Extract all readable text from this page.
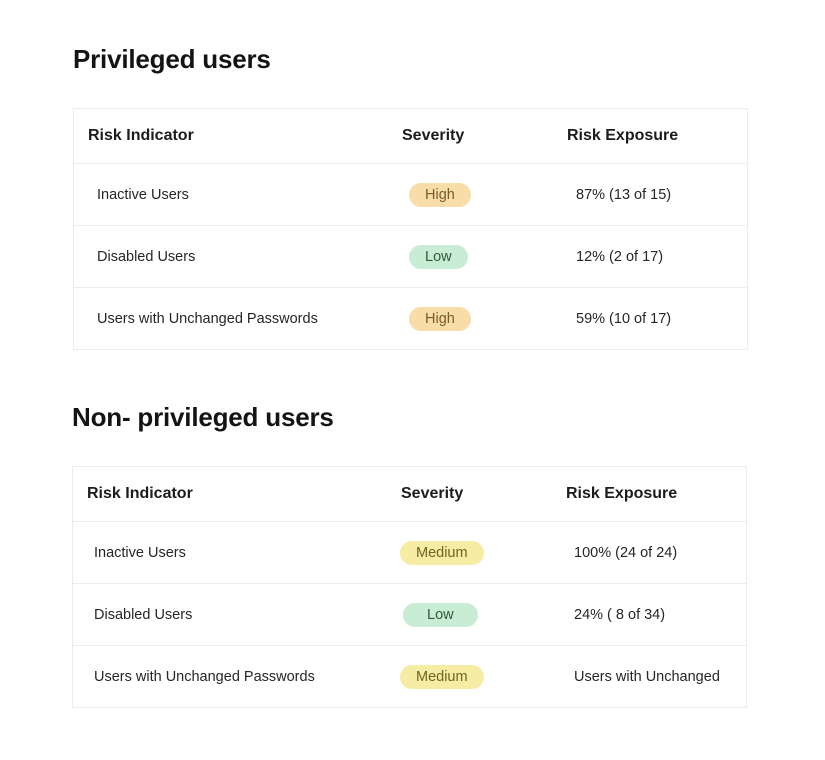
Privileged users
Risk Indicator	Severity	Risk Exposure
Inactive Users	High	87% (13 of 15)
Disabled Users	Low	12% (2 of 17)
Users with Unchanged Passwords	High	59% (10 of 17)
Non- privileged users
Risk Indicator	Severity	Risk Exposure
Inactive Users	Medium	100% (24 of 24)
Disabled Users	Low	24% ( 8 of 34)
Users with Unchanged Passwords	Medium	Users with Unchanged
